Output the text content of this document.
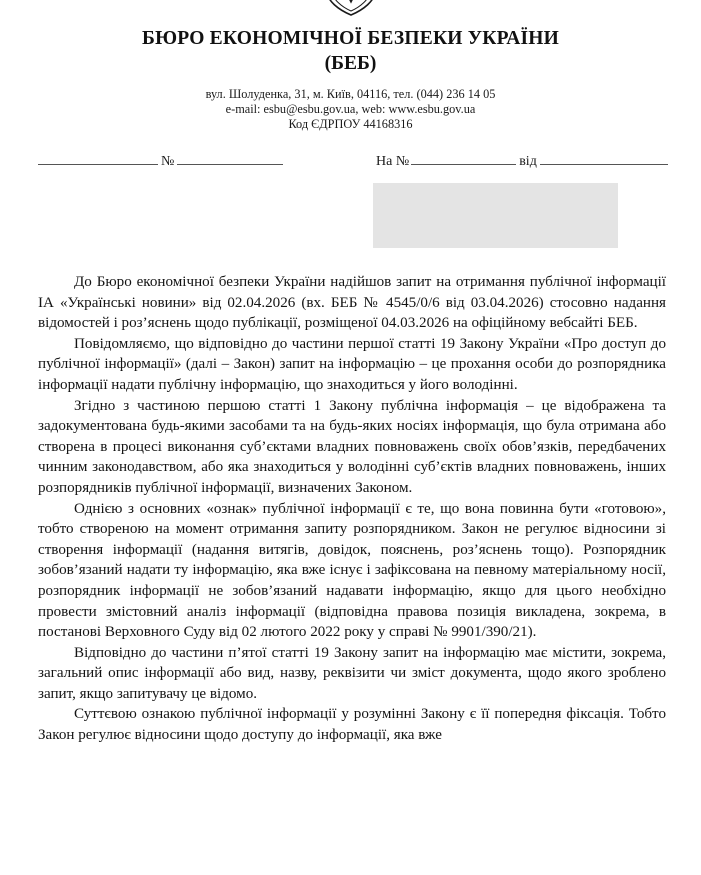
БЮРО ЕКОНОМІЧНОЇ БЕЗПЕКИ УКРАЇНИ
(БЕБ)
вул. Шолуденка, 31, м. Київ, 04116, тел. (044) 236 14 05
e-mail: esbu@esbu.gov.ua, web: www.esbu.gov.ua
Код ЄДРПОУ 44168316
№	На №	від

До Бюро економічної безпеки України надійшов запит на отримання публічної інформації ІА «Українські новини» від 02.04.2026 (вх. БЕБ № 4545/0/6 від 03.04.2026) стосовно надання відомостей і роз’яснень щодо публікації, розміщеної 04.03.2026 на офіційному вебсайті БЕБ.

Повідомляємо, що відповідно до частини першої статті 19 Закону України «Про доступ до публічної інформації» (далі – Закон) запит на інформацію – це прохання особи до розпорядника інформації надати публічну інформацію, що знаходиться у його володінні.

Згідно з частиною першою статті 1 Закону публічна інформація – це відображена та задокументована будь-якими засобами та на будь-яких носіях інформація, що була отримана або створена в процесі виконання суб’єктами владних повноважень своїх обов’язків, передбачених чинним законодавством, або яка знаходиться у володінні суб’єктів владних повноважень, інших розпорядників публічної інформації, визначених Законом.

Однією з основних «ознак» публічної інформації є те, що вона повинна бути «готовою», тобто створеною на момент отримання запиту розпорядником. Закон не регулює відносини зі створення інформації (надання витягів, довідок, пояснень, роз’яснень тощо). Розпорядник зобов’язаний надати ту інформацію, яка вже існує і зафіксована на певному матеріальному носії, розпорядник інформації не зобов’язаний надавати інформацію, якщо для цього необхідно провести змістовний аналіз інформації (відповідна правова позиція викладена, зокрема, в постанові Верховного Суду від 02 лютого 2022 року у справі № 9901/390/21).

Відповідно до частини п’ятої статті 19 Закону запит на інформацію має містити, зокрема, загальний опис інформації або вид, назву, реквізити чи зміст документа, щодо якого зроблено запит, якщо запитувачу це відомо.

Суттєвою ознакою публічної інформації у розумінні Закону є її попередня фіксація. Тобто Закон регулює відносини щодо доступу до інформації, яка вже
